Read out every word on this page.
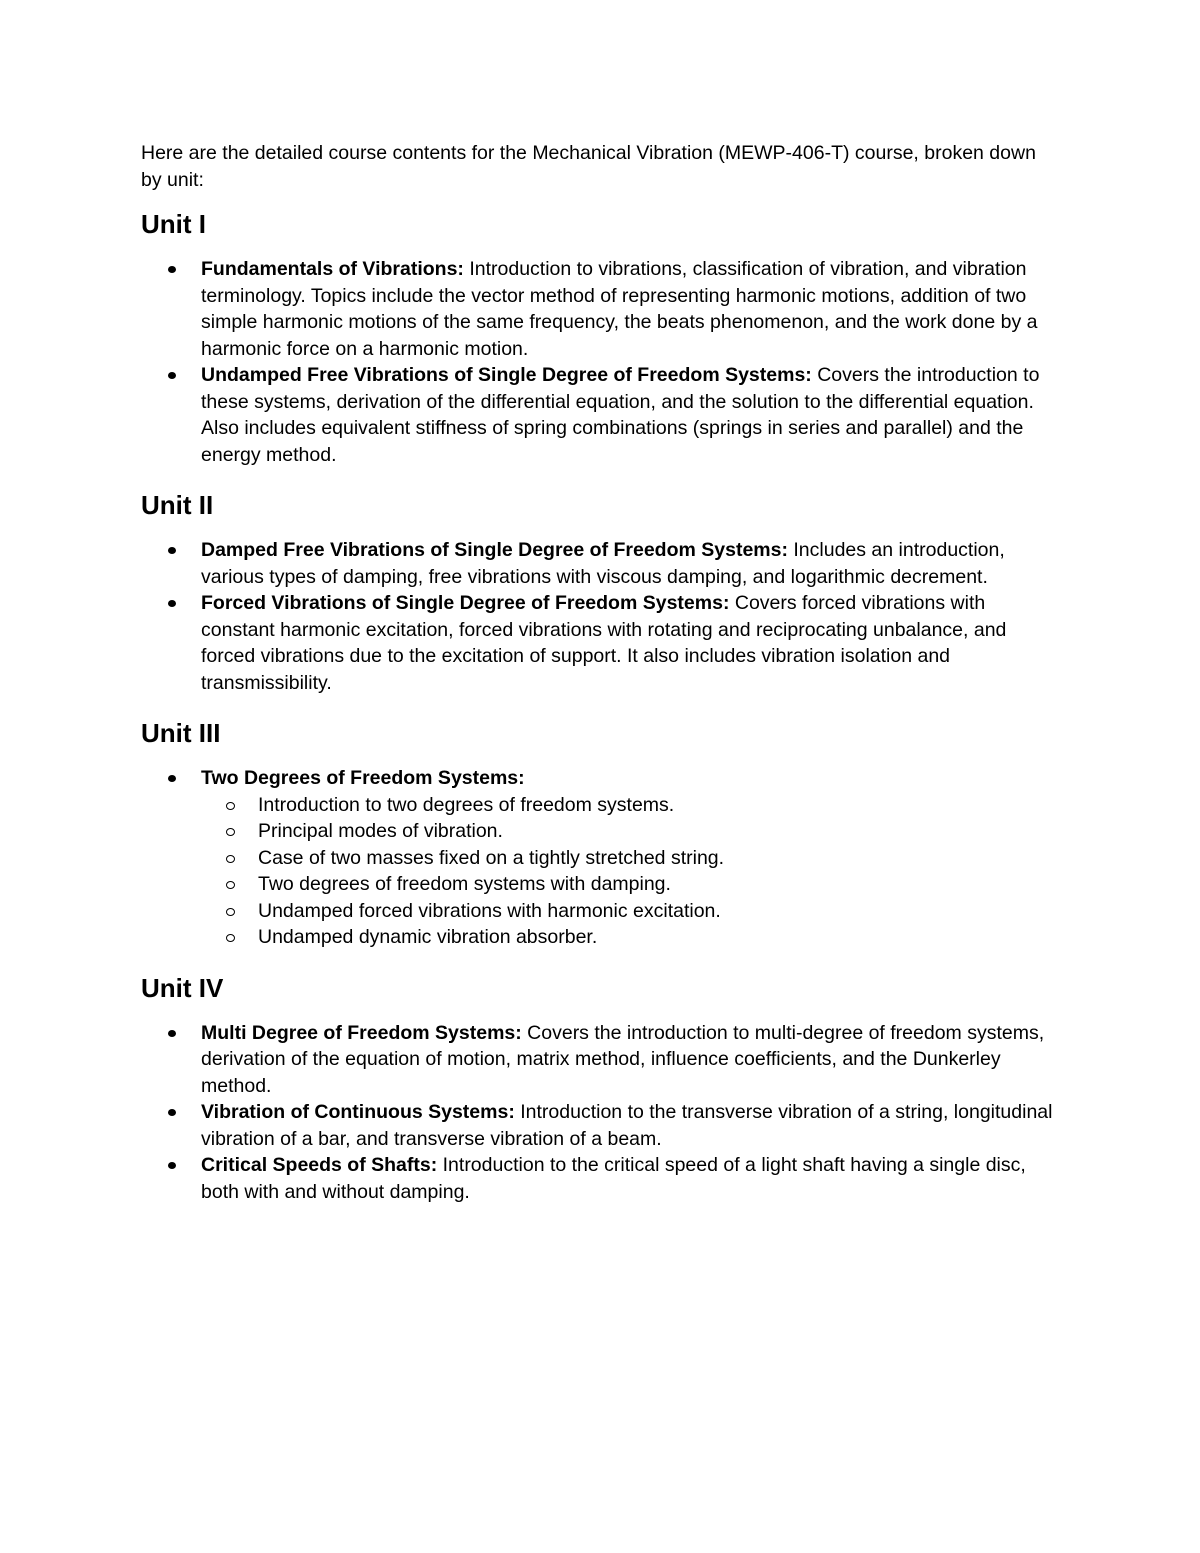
Here are the detailed course contents for the Mechanical Vibration (MEWP-406-T) course, broken down by unit:

Unit I
Fundamentals of Vibrations: Introduction to vibrations, classification of vibration, and vibration terminology. Topics include the vector method of representing harmonic motions, addition of two simple harmonic motions of the same frequency, the beats phenomenon, and the work done by a harmonic force on a harmonic motion.
Undamped Free Vibrations of Single Degree of Freedom Systems: Covers the introduction to these systems, derivation of the differential equation, and the solution to the differential equation. Also includes equivalent stiffness of spring combinations (springs in series and parallel) and the energy method.
Unit II
Damped Free Vibrations of Single Degree of Freedom Systems: Includes an introduction, various types of damping, free vibrations with viscous damping, and logarithmic decrement.
Forced Vibrations of Single Degree of Freedom Systems: Covers forced vibrations with constant harmonic excitation, forced vibrations with rotating and reciprocating unbalance, and forced vibrations due to the excitation of support. It also includes vibration isolation and transmissibility.
Unit III
Two Degrees of Freedom Systems:
Introduction to two degrees of freedom systems.
Principal modes of vibration.
Case of two masses fixed on a tightly stretched string.
Two degrees of freedom systems with damping.
Undamped forced vibrations with harmonic excitation.
Undamped dynamic vibration absorber.
Unit IV
Multi Degree of Freedom Systems: Covers the introduction to multi-degree of freedom systems, derivation of the equation of motion, matrix method, influence coefficients, and the Dunkerley method.
Vibration of Continuous Systems: Introduction to the transverse vibration of a string, longitudinal vibration of a bar, and transverse vibration of a beam.
Critical Speeds of Shafts: Introduction to the critical speed of a light shaft having a single disc, both with and without damping.
